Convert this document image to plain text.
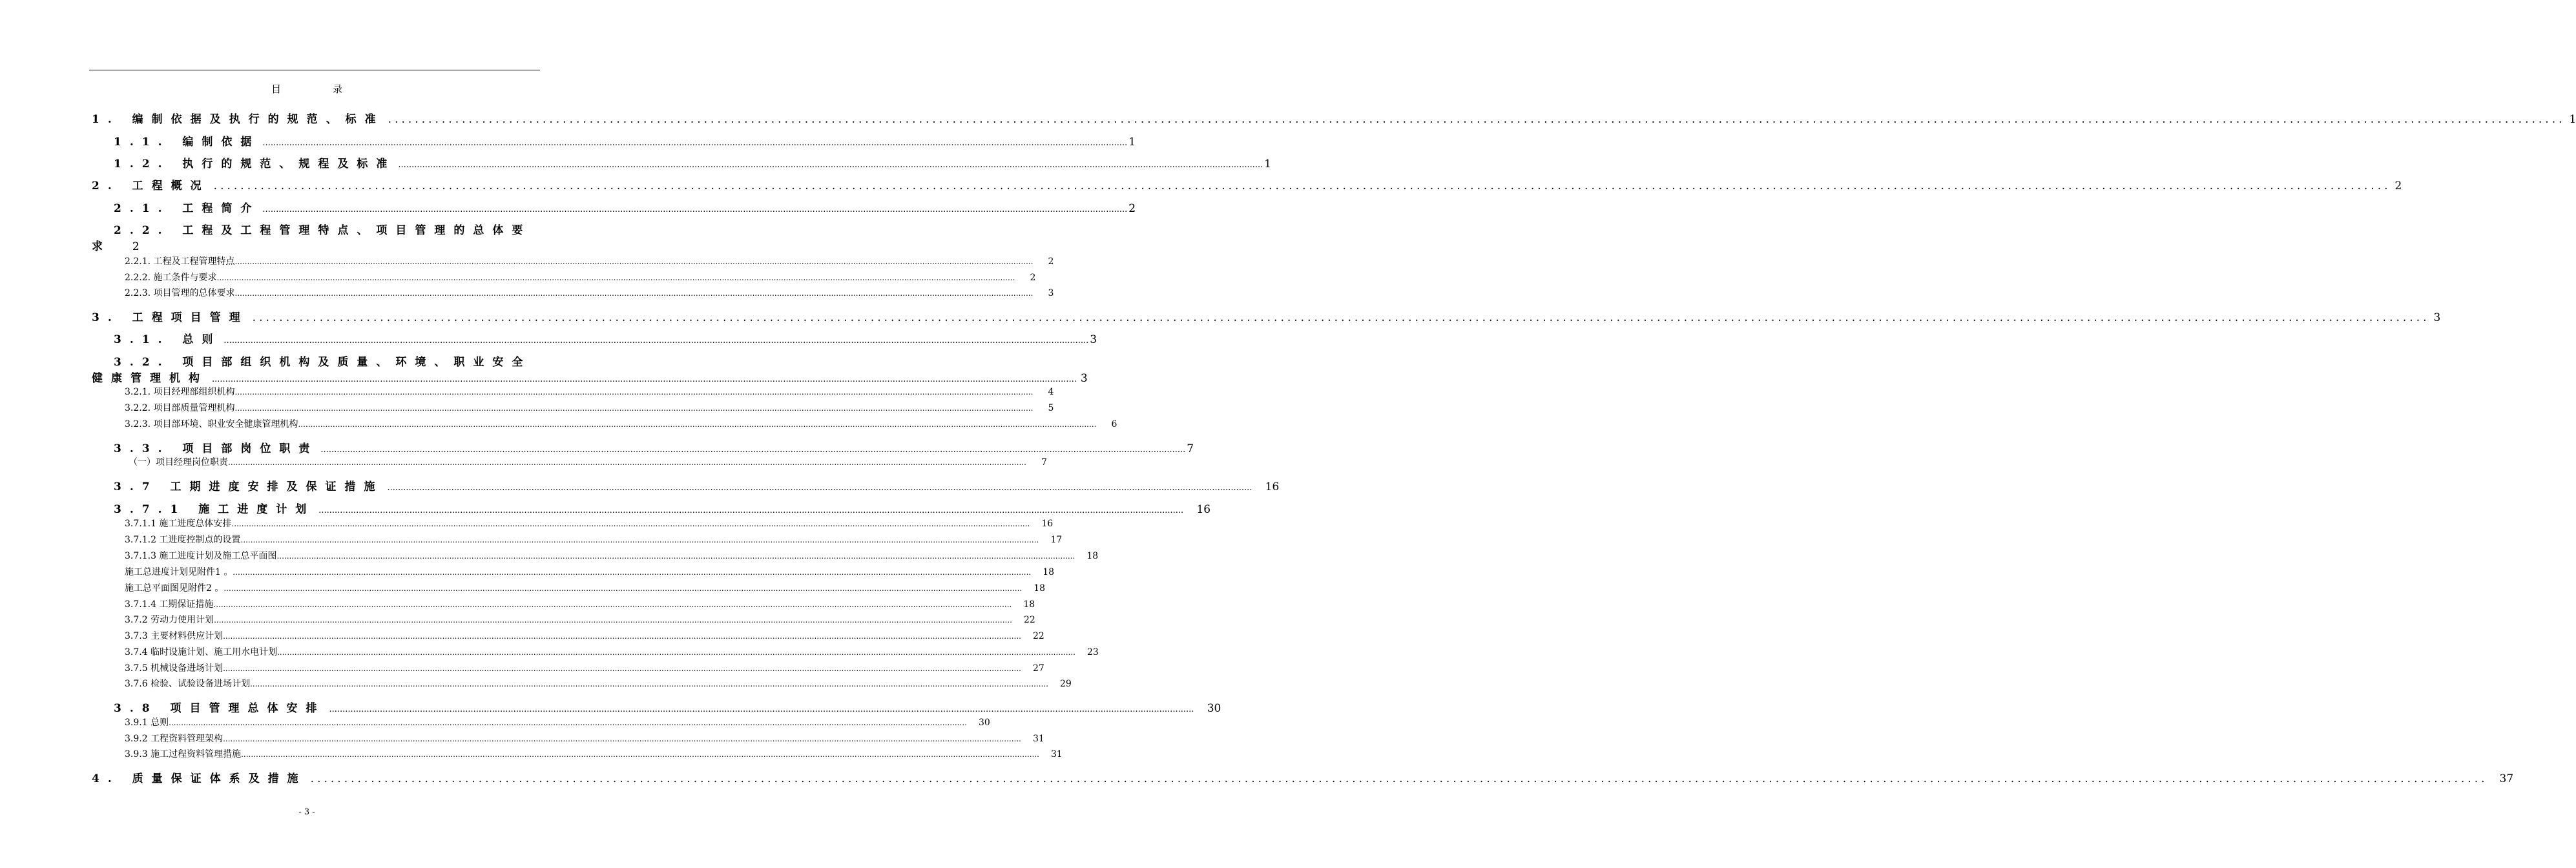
目	录
1. 编制依据及执行的规范、标准 .................................................................................................................................................................................................................................................................................................................................... 1
1.1. 编制依据 .................................................................................................................................................................................................................................................................................................................................... 1
1.2. 执行的规范、规程及标准 .................................................................................................................................................................................................................................................................................................................................... 1
2. 工程概况 .................................................................................................................................................................................................................................................................................................................................... 2
2.1. 工程简介 .................................................................................................................................................................................................................................................................................................................................... 2
2.2. 工程及工程管理特点、项目管理的总体要
求	2
2.2.1. 工程及工程管理特点 ....................................................................................................................................................................................................................................................................................................................................	2
2.2.2. 施工条件与要求 ....................................................................................................................................................................................................................................................................................................................................	2
2.2.3. 项目管理的总体要求 ....................................................................................................................................................................................................................................................................................................................................	3
3. 工程项目管理 .................................................................................................................................................................................................................................................................................................................................... 3
3.1. 总则 .................................................................................................................................................................................................................................................................................................................................... 3
3.2. 项目部组织机构及质量、环境、职业安全
健康管理机构 .................................................................................................................................................................................................................................................................................................................................... 3
3.2.1. 项目经理部组织机构 ....................................................................................................................................................................................................................................................................................................................................	4
3.2.2. 项目部质量管理机构 ....................................................................................................................................................................................................................................................................................................................................	5
3.2.3. 项目部环境、职业安全健康管理机构 ....................................................................................................................................................................................................................................................................................................................................	6
3.3. 项目部岗位职责 .................................................................................................................................................................................................................................................................................................................................... 7
（一）项目经理岗位职责 ....................................................................................................................................................................................................................................................................................................................................	7
3.7 工期进度安排及保证措施 .................................................................................................................................................................................................................................................................................................................................... 16
3.7.1 施工进度计划 .................................................................................................................................................................................................................................................................................................................................... 16
3.7.1.1 施工进度总体安排 .................................................................................................................................................................................................................................................................................................................................... 16
3.7.1.2 工进度控制点的设置 .................................................................................................................................................................................................................................................................................................................................... 17
3.7.1.3 施工进度计划及施工总平面图 .................................................................................................................................................................................................................................................................................................................................... 18
施工总进度计划见附件1 。 .................................................................................................................................................................................................................................................................................................................................... 18
施工总平面图见附件2 。 .................................................................................................................................................................................................................................................................................................................................... 18
3.7.1.4 工期保证措施 .................................................................................................................................................................................................................................................................................................................................... 18
3.7.2 劳动力使用计划 .................................................................................................................................................................................................................................................................................................................................... 22
3.7.3 主要材料供应计划 .................................................................................................................................................................................................................................................................................................................................... 22
3.7.4 临时设施计划、施工用水电计划 .................................................................................................................................................................................................................................................................................................................................... 23
3.7.5 机械设备进场计划 .................................................................................................................................................................................................................................................................................................................................... 27
3.7.6 检验、试验设备进场计划 .................................................................................................................................................................................................................................................................................................................................... 29
3.8 项目管理总体安排 .................................................................................................................................................................................................................................................................................................................................... 30
3.9.1 总则 .................................................................................................................................................................................................................................................................................................................................... 30
3.9.2 工程资料管理架构 .................................................................................................................................................................................................................................................................................................................................... 31
3.9.3 施工过程资料管理措施 .................................................................................................................................................................................................................................................................................................................................... 31
4. 质量保证体系及措施 .................................................................................................................................................................................................................................................................................................................................... 37
- 3 -
